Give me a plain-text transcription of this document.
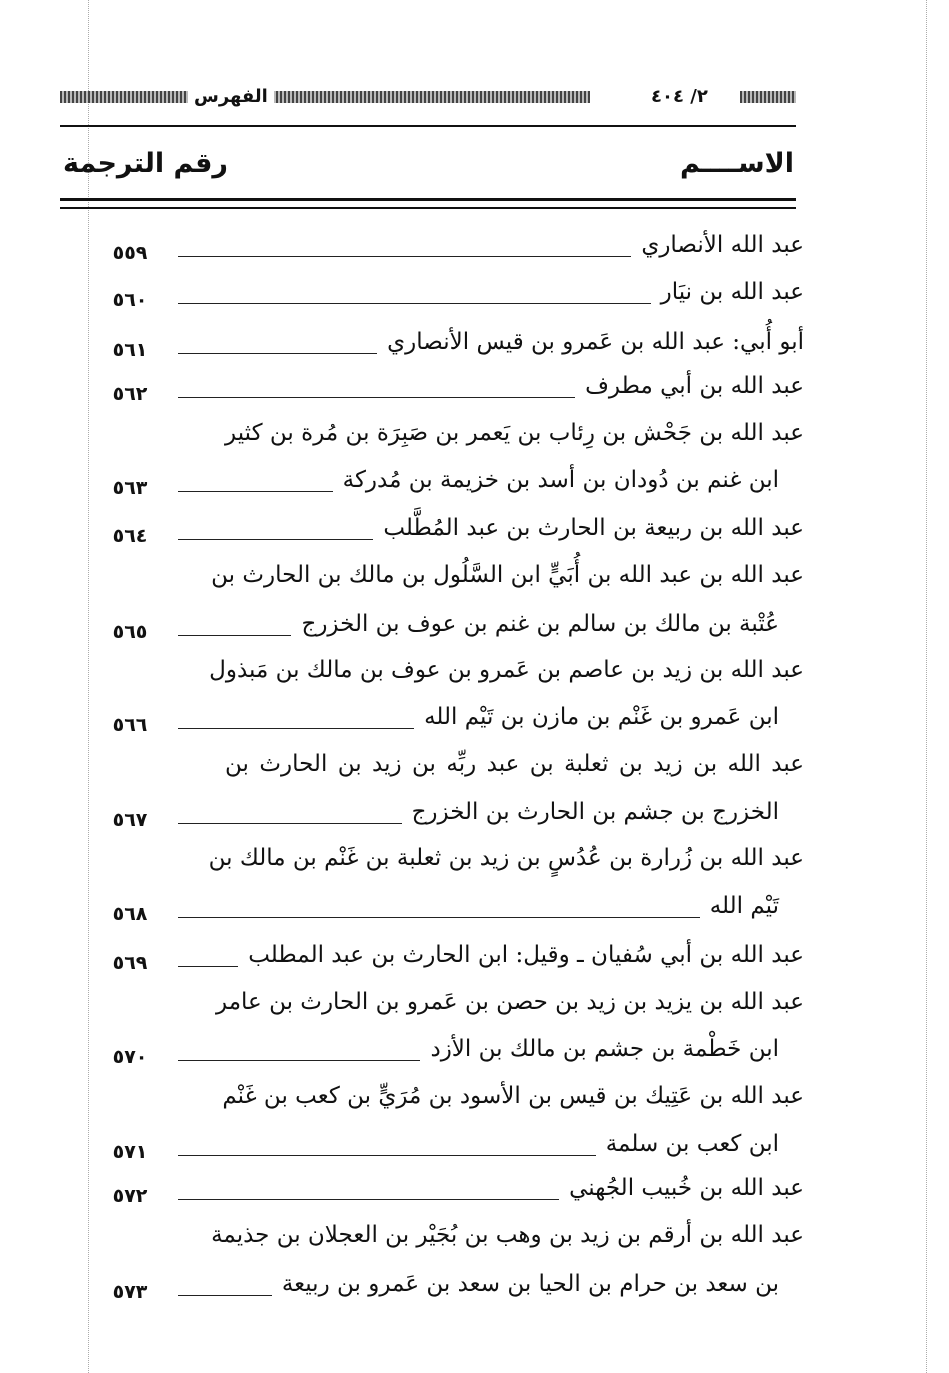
الفهرس	٢/ ٤٠٤
الاســــم
رقم الترجمة
عبد الله الأنصاري
٥٥٩
عبد الله بن نيَار
٥٦٠
أبو أُبي: عبد الله بن عَمرو بن قيس الأنصاري
٥٦١
عبد الله بن أبي مطرف
٥٦٢
عبد الله بن جَحْش بن رِئاب بن يَعمر بن صَبِرَة بن مُرة بن كثير
ابن غنم بن دُودان بن أسد بن خزيمة بن مُدركة
٥٦٣
عبد الله بن ربيعة بن الحارث بن عبد المُطَّلب
٥٦٤
عبد الله بن عبد الله بن أُبَيٍّ ابن السَّلُول بن مالك بن الحارث بن
عُتْبة بن مالك بن سالم بن غنم بن عوف بن الخزرج
٥٦٥
عبد الله بن زيد بن عاصم بن عَمرو بن عوف بن مالك بن مَبذول
ابن عَمرو بن غَنْم بن مازن بن تَيْم الله
٥٦٦
عبد الله بن زيد بن ثعلبة بن عبد ربِّه بن زيد بن الحارث بن
الخزرج بن جشم بن الحارث بن الخزرج
٥٦٧
عبد الله بن زُرارة بن عُدُسٍ بن زيد بن ثعلبة بن غَنْم بن مالك بن
تَيْم الله
٥٦٨
عبد الله بن أبي سُفيان ـ وقيل: ابن الحارث بن عبد المطلب
٥٦٩
عبد الله بن يزيد بن زيد بن حصن بن عَمرو بن الحارث بن عامر
ابن خَطْمة بن جشم بن مالك بن الأزد
٥٧٠
عبد الله بن عَتِيك بن قيس بن الأسود بن مُرَيٍّ بن كعب بن غَنْم
ابن كعب بن سلمة
٥٧١
عبد الله بن خُبيب الجُهني
٥٧٢
عبد الله بن أرقم بن زيد بن وهب بن بُجَيْر بن العجلان بن جذيمة
بن سعد بن حرام بن الحيا بن سعد بن عَمرو بن ربيعة
٥٧٣
